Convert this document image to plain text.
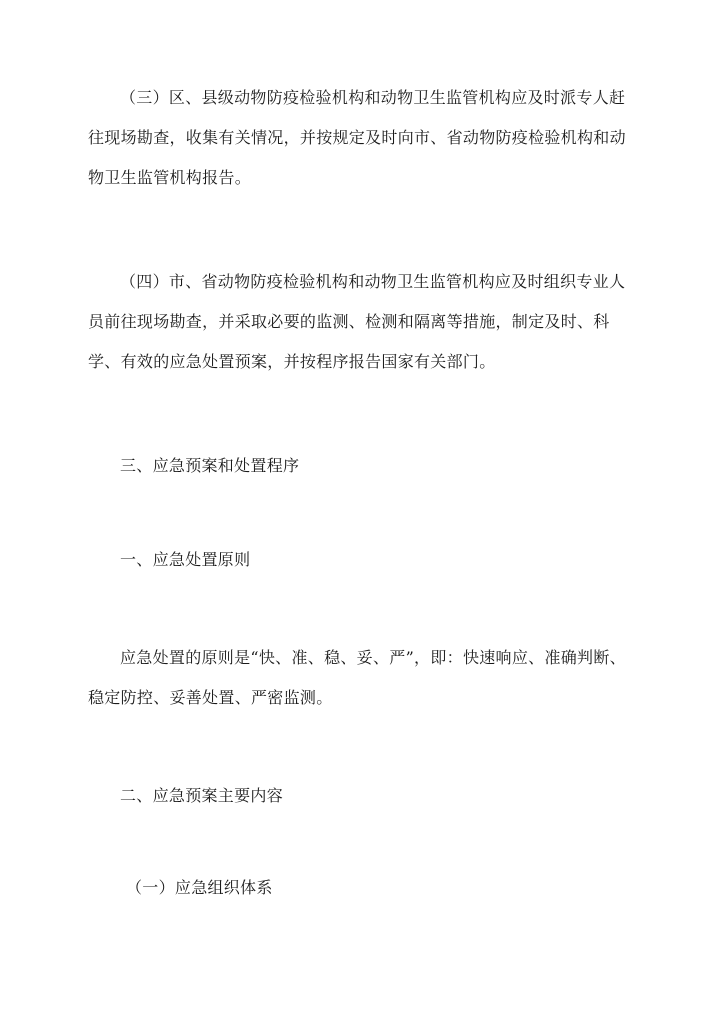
（三）区、县级动物防疫检验机构和动物卫生监管机构应及时派专人赶往现场勘查，收集有关情况，并按规定及时向市、省动物防疫检验机构和动物卫生监管机构报告。

（四）市、省动物防疫检验机构和动物卫生监管机构应及时组织专业人员前往现场勘查，并采取必要的监测、检测和隔离等措施，制定及时、科学、有效的应急处置预案，并按程序报告国家有关部门。

三、应急预案和处置程序

一、应急处置原则

应急处置的原则是“快、准、稳、妥、严”，即：快速响应、准确判断、稳定防控、妥善处置、严密监测。

二、应急预案主要内容

（一）应急组织体系
